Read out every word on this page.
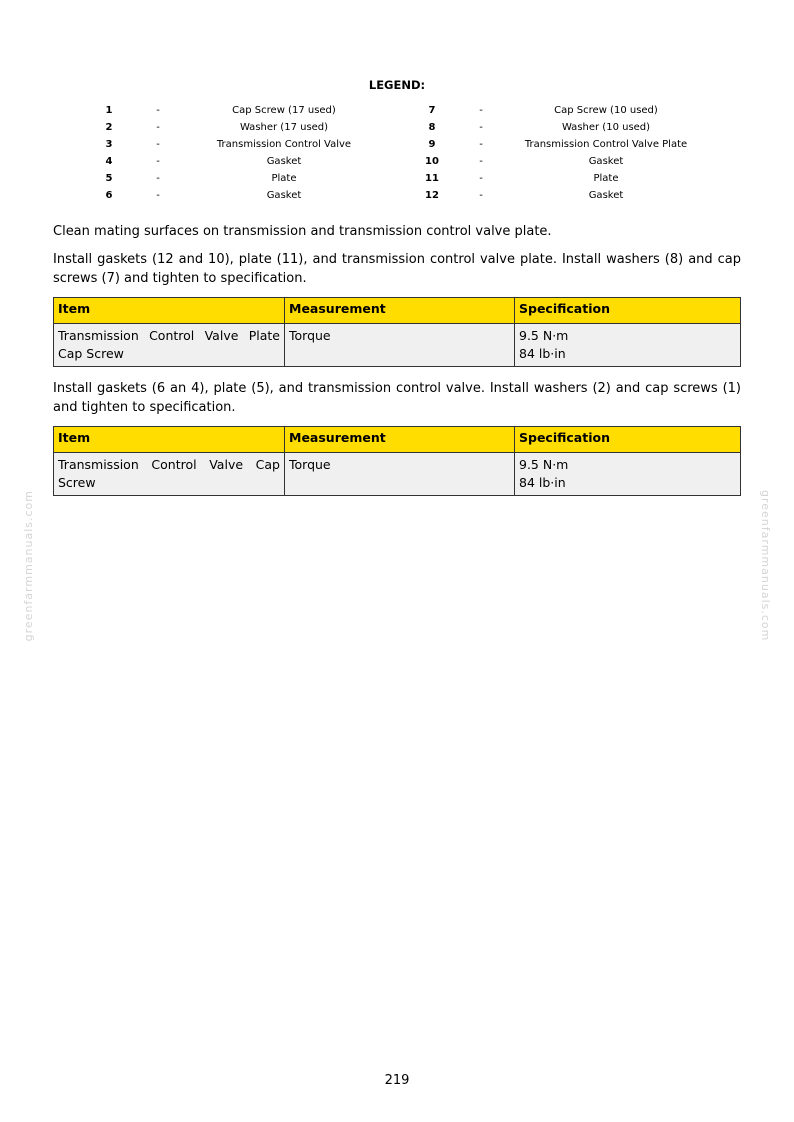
LEGEND:
1	-	Cap Screw (17 used)	7	-	Cap Screw (10 used)
2	-	Washer (17 used)	8	-	Washer (10 used)
3	-	Transmission Control Valve	9	-	Transmission Control Valve Plate
4	-	Gasket	10	-	Gasket
5	-	Plate	11	-	Plate
6	-	Gasket	12	-	Gasket

Clean mating surfaces on transmission and transmission control valve plate.

Install gaskets (12 and 10), plate (11), and transmission control valve plate. Install washers (8) and cap screws (7) and tighten to specification.

Item	Measurement	Specification
Transmission Control Valve Plate Cap Screw	Torque	9.5 N·m
84 lb·in

Install gaskets (6 an 4), plate (5), and transmission control valve. Install washers (2) and cap screws (1) and tighten to specification.

Item	Measurement	Specification
Transmission Control Valve Cap Screw	Torque	9.5 N·m
84 lb·in
greenfarmmanuals.com	greenfarmmanuals.com
219
